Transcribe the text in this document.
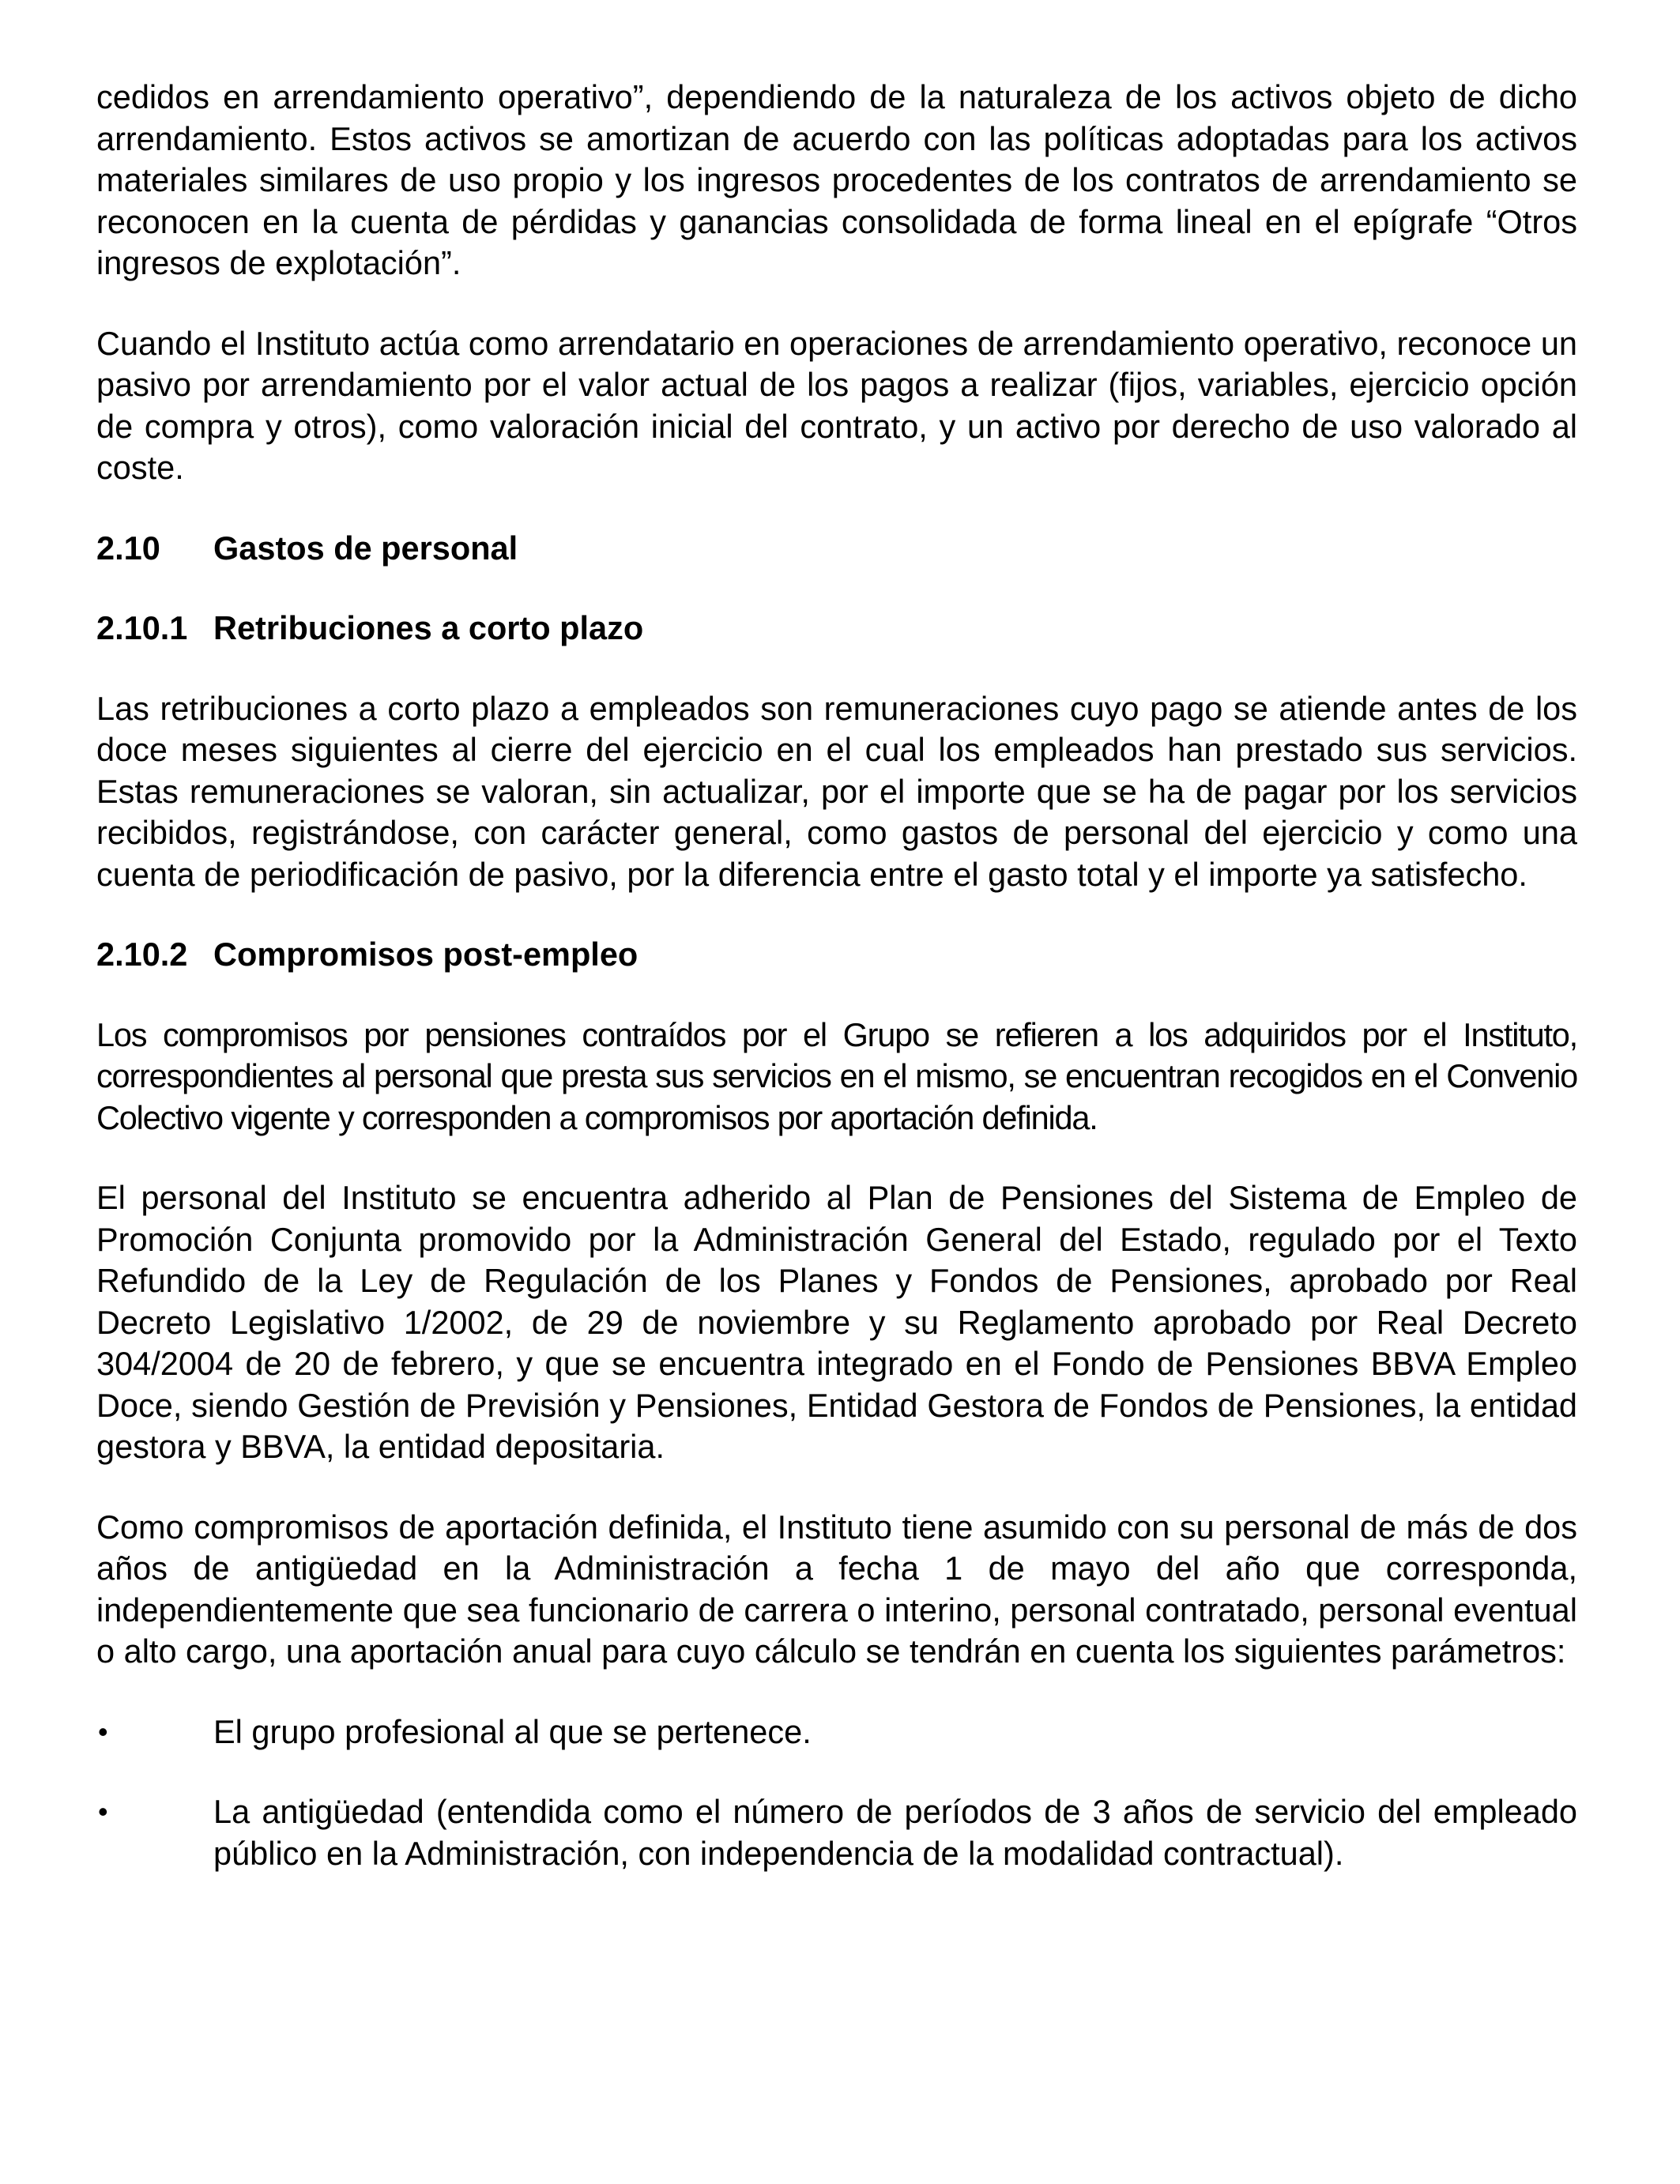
cedidos en arrendamiento operativo”, dependiendo de la naturaleza de los activos objeto de dicho arrendamiento. Estos activos se amortizan de acuerdo con las políticas adoptadas para los activos materiales similares de uso propio y los ingresos procedentes de los contratos de arrendamiento se reconocen en la cuenta de pérdidas y ganancias consolidada de forma lineal en el epígrafe “Otros ingresos de explotación”.

Cuando el Instituto actúa como arrendatario en operaciones de arrendamiento operativo, reconoce un pasivo por arrendamiento por el valor actual de los pagos a realizar (fijos, variables, ejercicio opción de compra y otros), como valoración inicial del contrato, y un activo por derecho de uso valorado al coste.

2.10	Gastos de personal
2.10.1 Retribuciones a corto plazo

Las retribuciones a corto plazo a empleados son remuneraciones cuyo pago se atiende antes de los doce meses siguientes al cierre del ejercicio en el cual los empleados han prestado sus servicios. Estas remuneraciones se valoran, sin actualizar, por el importe que se ha de pagar por los servicios recibidos, registrándose, con carácter general, como gastos de personal del ejercicio y como una cuenta de periodificación de pasivo, por la diferencia entre el gasto total y el importe ya satisfecho.

2.10.2 Compromisos post-empleo

Los compromisos por pensiones contraídos por el Grupo se refieren a los adquiridos por el Instituto, correspondientes al personal que presta sus servicios en el mismo, se encuentran recogidos en el Convenio Colectivo vigente y corresponden a compromisos por aportación definida.

El personal del Instituto se encuentra adherido al Plan de Pensiones del Sistema de Empleo de Promoción Conjunta promovido por la Administración General del Estado, regulado por el Texto Refundido de la Ley de Regulación de los Planes y Fondos de Pensiones, aprobado por Real Decreto Legislativo 1/2002, de 29 de noviembre y su Reglamento aprobado por Real Decreto 304/2004 de 20 de febrero, y que se encuentra integrado en el Fondo de Pensiones BBVA Empleo Doce, siendo Gestión de Previsión y Pensiones, Entidad Gestora de Fondos de Pensiones, la entidad gestora y BBVA, la entidad depositaria.

Como compromisos de aportación definida, el Instituto tiene asumido con su personal de más de dos años de antigüedad en la Administración a fecha 1 de mayo del año que corresponda, independientemente que sea funcionario de carrera o interino, personal contratado, personal eventual o alto cargo, una aportación anual para cuyo cálculo se tendrán en cuenta los siguientes parámetros:

•	El grupo profesional al que se pertenece.
•	La antigüedad (entendida como el número de períodos de 3 años de servicio del empleado público en la Administración, con independencia de la modalidad contractual).
